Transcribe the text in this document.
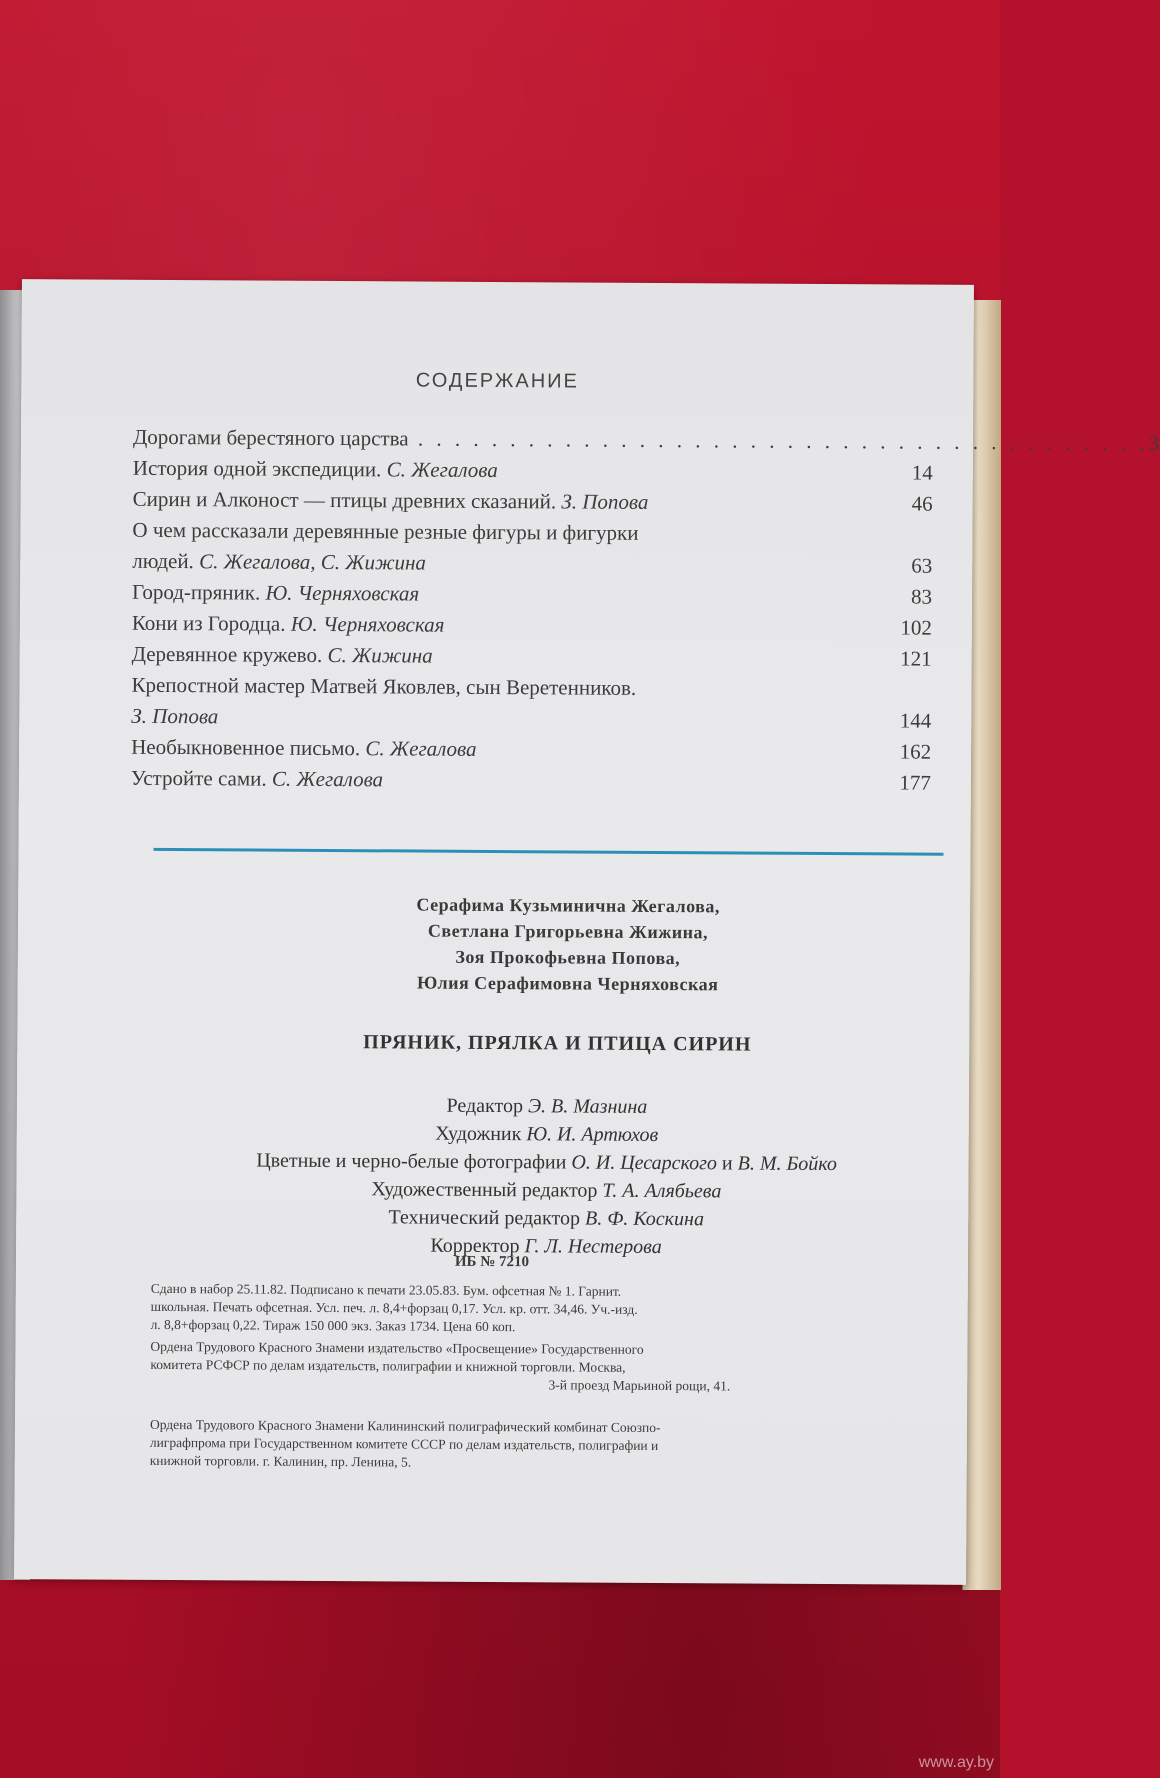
СОДЕРЖАНИЕ
Дорогами берестяного царства . . . . . . . . . . . . . . . . . . . . . . . . . . . . . . . . . . . . . . . . 3
История одной экспедиции. С. Жегалова	14
Сирин и Алконост — птицы древних сказаний. З. Попова	46
О чем рассказали деревянные резные фигуры и фигурки
людей. С. Жегалова, С. Жижина	63
Город-пряник. Ю. Черняховская	83
Кони из Городца. Ю. Черняховская	102
Деревянное кружево. С. Жижина	121
Крепостной мастер Матвей Яковлев, сын Веретенников.
З. Попова	144
Необыкновенное письмо. С. Жегалова	162
Устройте сами. С. Жегалова	177
Серафима Кузьминична Жегалова,
Светлана Григорьевна Жижина,
Зоя Прокофьевна Попова,
Юлия Серафимовна Черняховская
ПРЯНИК, ПРЯЛКА И ПТИЦА СИРИН
Редактор Э. В. Мазнина
Художник Ю. И. Артюхов
Цветные и черно-белые фотографии О. И. Цесарского и В. М. Бойко
Художественный редактор Т. А. Алябьева
Технический редактор В. Ф. Коскина
Корректор Г. Л. Нестерова
ИБ № 7210
Сдано в набор 25.11.82. Подписано к печати 23.05.83. Бум. офсетная № 1. Гарнит.
школьная. Печать офсетная. Усл. печ. л. 8,4+форзац 0,17. Усл. кр. отт. 34,46. Уч.-изд.
л. 8,8+форзац 0,22. Тираж 150 000 экз. Заказ 1734. Цена 60 коп.
Ордена Трудового Красного Знамени издательство «Просвещение» Государственного
комитета РСФСР по делам издательств, полиграфии и книжной торговли. Москва,
3-й проезд Марьиной рощи, 41.
Ордена Трудового Красного Знамени Калининский полиграфический комбинат Союзпо-
лиграфпрома при Государственном комитете СССР по делам издательств, полиграфии и
книжной торговли. г. Калинин, пр. Ленина, 5.
www.ay.by
